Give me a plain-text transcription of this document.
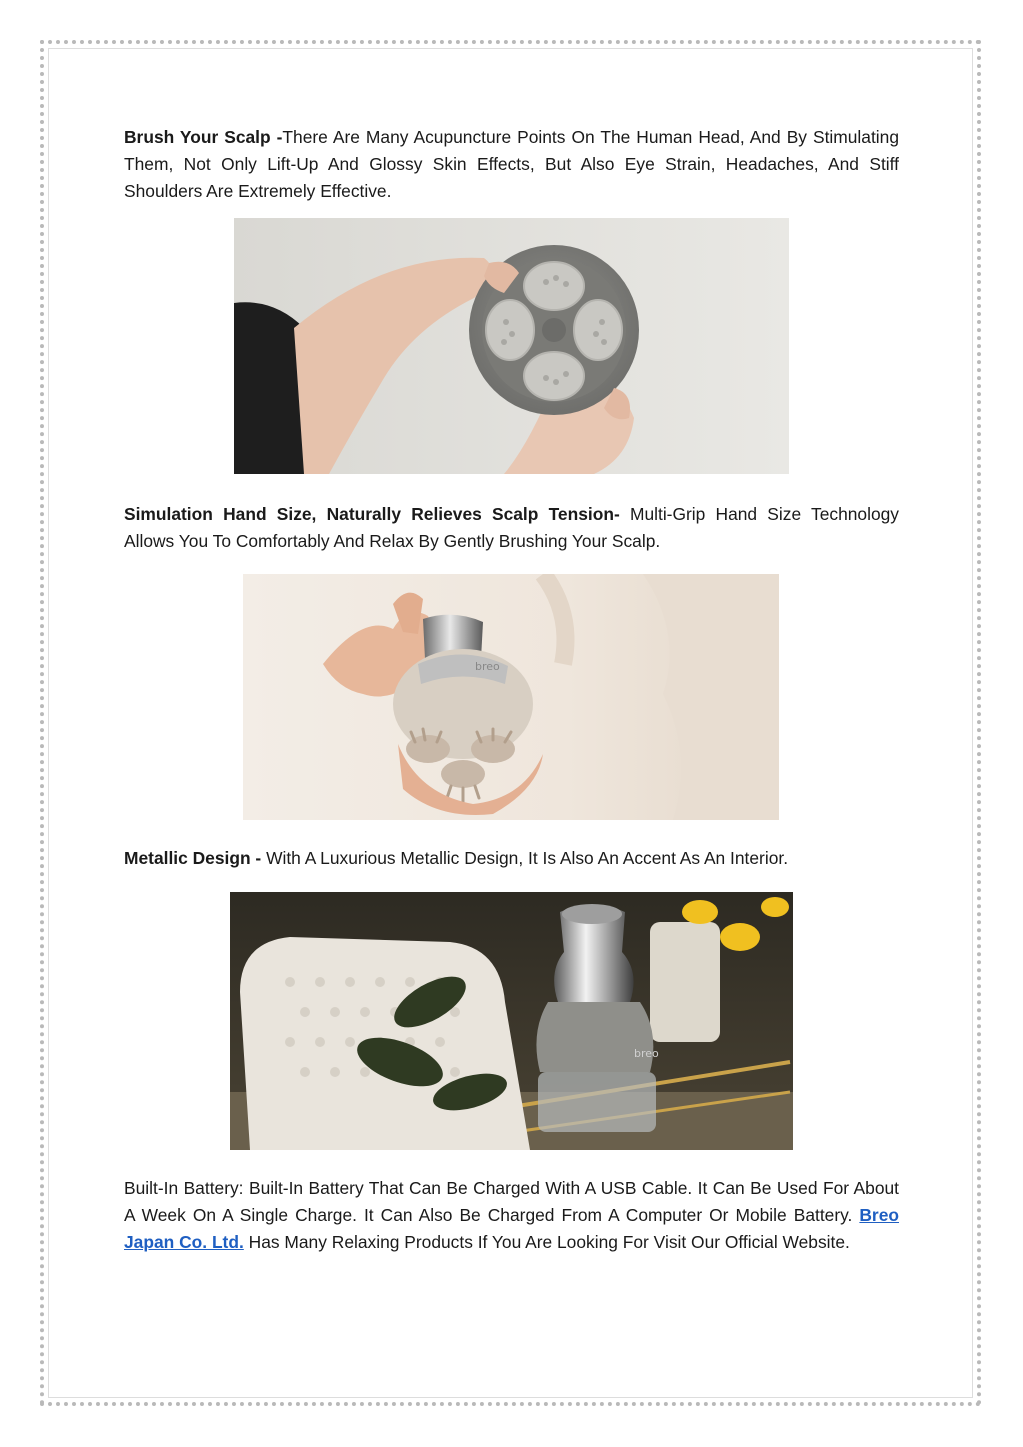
Brush Your Scalp -There Are Many Acupuncture Points On The Human Head, And By Stimulating Them, Not Only Lift-Up And Glossy Skin Effects, But Also Eye Strain, Headaches, And Stiff Shoulders Are Extremely Effective.

Simulation Hand Size, Naturally Relieves Scalp Tension- Multi-Grip Hand Size Technology Allows You To Comfortably And Relax By Gently Brushing Your Scalp.

breo

Metallic Design - With A Luxurious Metallic Design, It Is Also An Accent As An Interior.

breo

Built-In Battery: Built-In Battery That Can Be Charged With A USB Cable. It Can Be Used For About A Week On A Single Charge. It Can Also Be Charged From A Computer Or Mobile Battery. Breo Japan Co. Ltd. Has Many Relaxing Products If You Are Looking For Visit Our Official Website.
